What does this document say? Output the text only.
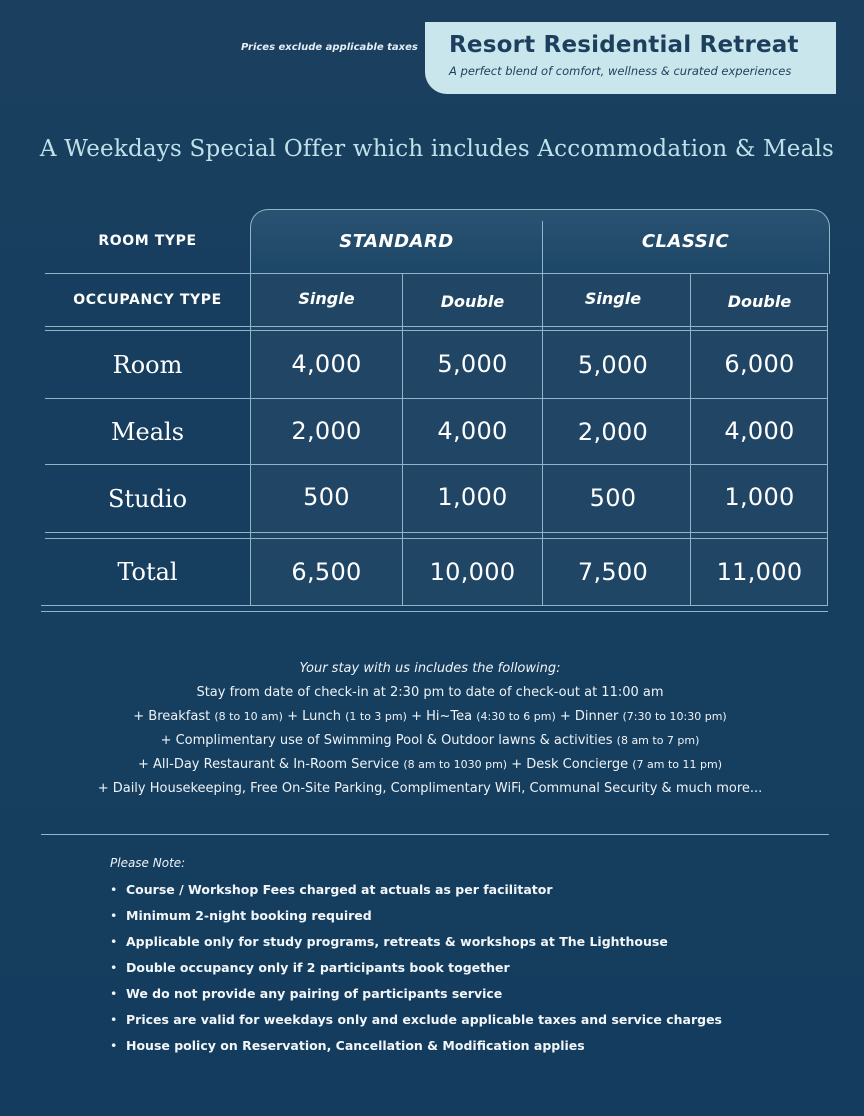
Prices exclude applicable taxes Resort Residential Retreat
A perfect blend of comfort, wellness & curated experiences
A Weekdays Special Offer which includes Accommodation & Meals
ROOM TYPE	STANDARD	CLASSIC
OCCUPANCY TYPE	Single	Double	Single	Double
Room	4,000	5,000	5,000	6,000
Meals	2,000	4,000	2,000	4,000
Studio	500	1,000	500	1,000
Total	6,500	10,000	7,500	11,000
Your stay with us includes the following:
Stay from date of check-in at 2:30 pm to date of check-out at 11:00 am
+ Breakfast (8 to 10 am) + Lunch (1 to 3 pm) + Hi~Tea (4:30 to 6 pm) + Dinner (7:30 to 10:30 pm)
+ Complimentary use of Swimming Pool & Outdoor lawns & activities (8 am to 7 pm)
+ All-Day Restaurant & In-Room Service (8 am to 1030 pm) + Desk Concierge (7 am to 11 pm)
+ Daily Housekeeping, Free On-Site Parking, Complimentary WiFi, Communal Security & much more...
Please Note:
• Course / Workshop Fees charged at actuals as per facilitator
• Minimum 2-night booking required
• Applicable only for study programs, retreats & workshops at The Lighthouse
• Double occupancy only if 2 participants book together
• We do not provide any pairing of participants service
• Prices are valid for weekdays only and exclude applicable taxes and service charges
• House policy on Reservation, Cancellation & Modification applies
